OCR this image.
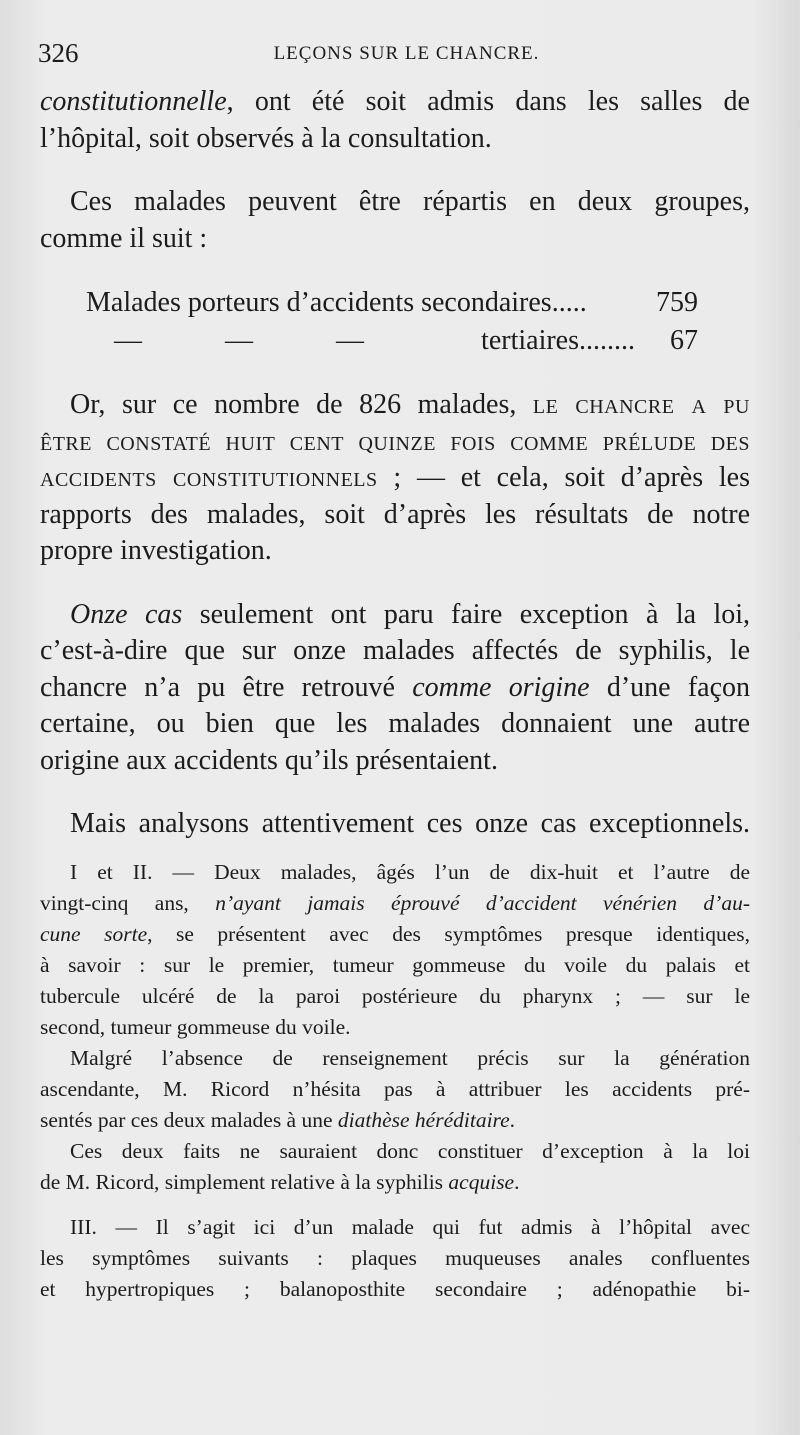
326	LEÇONS SUR LE CHANCRE.

constitutionnelle, ont été soit admis dans les salles de

l’hôpital, soit observés à la consultation.

Ces malades peuvent être répartis en deux groupes,

comme il suit :

Malades porteurs d’accidents secondaires..... 759
—	—	—	tertiaires........ 67

Or, sur ce nombre de 826 malades, le chancre a pu

être constaté huit cent quinze fois comme prélude des

accidents constitutionnels ; — et cela, soit d’après les

rapports des malades, soit d’après les résultats de notre

propre investigation.

Onze cas seulement ont paru faire exception à la loi,

c’est-à-dire que sur onze malades affectés de syphilis, le

chancre n’a pu être retrouvé comme origine d’une façon

certaine, ou bien que les malades donnaient une autre

origine aux accidents qu’ils présentaient.

Mais analysons attentivement ces onze cas exceptionnels.

I et II. — Deux malades, âgés l’un de dix-huit et l’autre de

vingt-cinq ans, n’ayant jamais éprouvé d’accident vénérien d’au-

cune sorte, se présentent avec des symptômes presque identiques,

à savoir : sur le premier, tumeur gommeuse du voile du palais et

tubercule ulcéré de la paroi postérieure du pharynx ; — sur le

second, tumeur gommeuse du voile.

Malgré l’absence de renseignement précis sur la génération

ascendante, M. Ricord n’hésita pas à attribuer les accidents pré-

sentés par ces deux malades à une diathèse héréditaire.

Ces deux faits ne sauraient donc constituer d’exception à la loi

de M. Ricord, simplement relative à la syphilis acquise.

III. — Il s’agit ici d’un malade qui fut admis à l’hôpital avec

les symptômes suivants : plaques muqueuses anales confluentes

et hypertropiques ; balanoposthite secondaire ; adénopathie bi-
